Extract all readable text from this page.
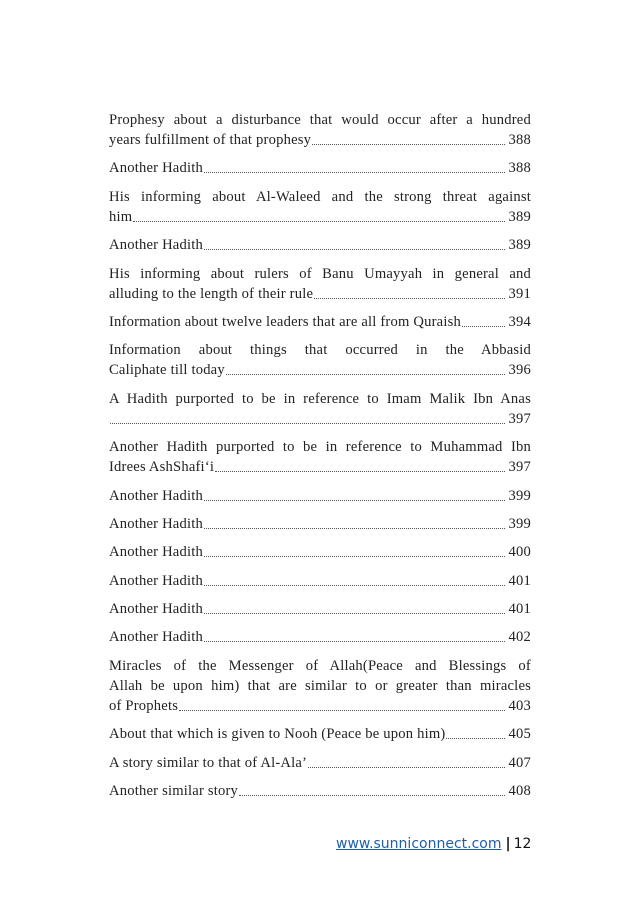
Prophesy about a disturbance that would occur after a hundred
years fulfillment of that prophesy	388
Another Hadith	388
His informing about Al-Waleed and the strong threat against
him	389
Another Hadith	389
His informing about rulers of Banu Umayyah in general and
alluding to the length of their rule	391
Information about twelve leaders that are all from Quraish	394
Information about things that occurred in the Abbasid
Caliphate till today	396
A Hadith purported to be in reference to Imam Malik Ibn Anas
397
Another Hadith purported to be in reference to Muhammad Ibn
Idrees AshShafi‘i	397
Another Hadith	399
Another Hadith	399
Another Hadith	400
Another Hadith	401
Another Hadith	401
Another Hadith	402
Miracles of the Messenger of Allah(Peace and Blessings of
Allah be upon him) that are similar to or greater than miracles
of Prophets	403
About that which is given to Nooh (Peace be upon him)	405
A story similar to that of Al-Ala’	407
Another similar story	408
www.sunniconnect.com | 12
